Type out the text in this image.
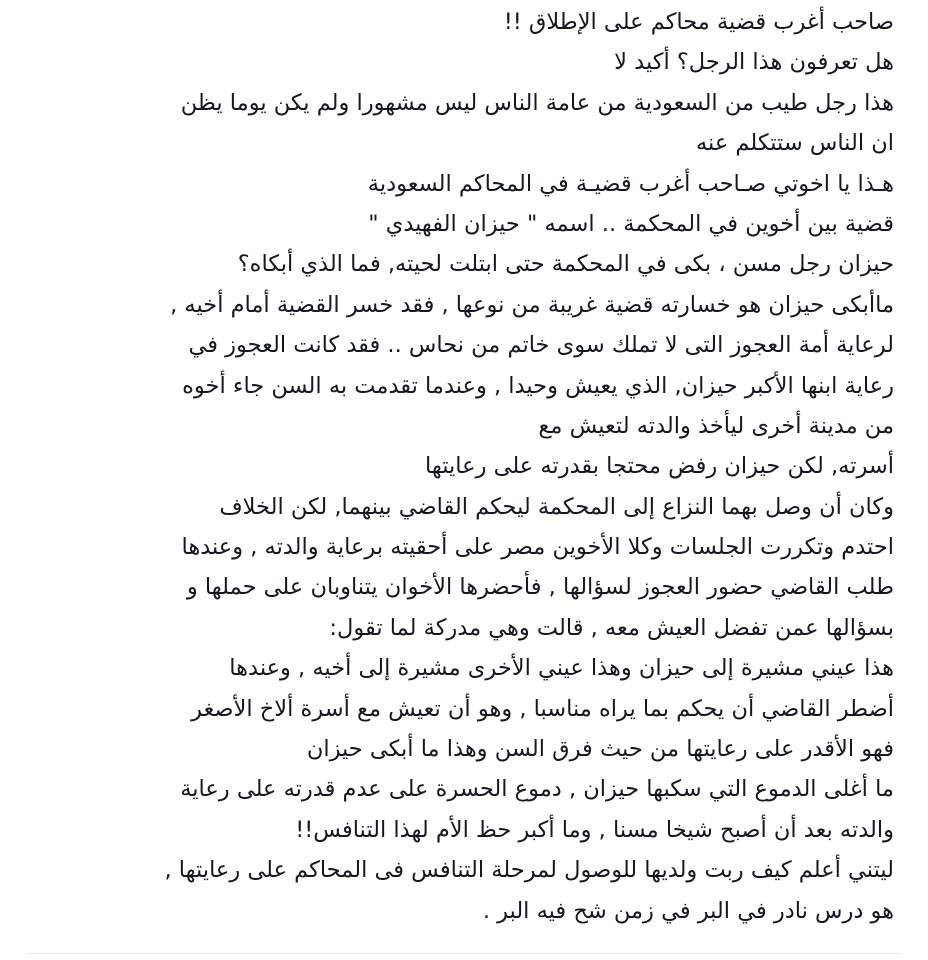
صاحب أغرب قضية محاكم على الإطلاق !!
هل تعرفون هذا الرجل؟ أكيد لا
هذا رجل طيب من السعودية من عامة الناس ليس مشهورا ولم يكن يوما يظن
ان الناس ستتكلم عنه
هـذا يا اخوتي صـاحب أغرب قضيـة في المحاكم السعودية
قضية بين أخوين في المحكمة .. اسمه " حيزان الفهيدي "
حيزان رجل مسن ، بكى في المحكمة حتى ابتلت لحيته, فما الذي أبكاه؟
ماأبكى حيزان هو خسارته قضية غريبة من نوعها , فقد خسر القضية أمام أخيه ,
لرعاية أمة العجوز التى لا تملك سوى خاتم من نحاس .. فقد كانت العجوز في
رعاية ابنها الأكبر حيزان, الذي يعيش وحيدا , وعندما تقدمت به السن جاء أخوه
من مدينة أخرى ليأخذ والدته لتعيش مع
أسرته, لكن حيزان رفض محتجا بقدرته على رعايتها
وكان أن وصل بهما النزاع إلى المحكمة ليحكم القاضي بينهما, لكن الخلاف
احتدم وتكررت الجلسات وكلا الأخوين مصر على أحقيته برعاية والدته , وعندها
طلب القاضي حضور العجوز لسؤالها , فأحضرها الأخوان يتناوبان على حملها و
بسؤالها عمن تفضل العيش معه , قالت وهي مدركة لما تقول:
هذا عيني مشيرة إلى حيزان وهذا عيني الأخرى مشيرة إلى أخيه , وعندها
أضطر القاضي أن يحكم بما يراه مناسبا , وهو أن تعيش مع أسرة ألاخ الأصغر
فهو الأقدر على رعايتها من حيث فرق السن وهذا ما أبكى حيزان
ما أغلى الدموع التي سكبها حيزان , دموع الحسرة على عدم قدرته على رعاية
والدته بعد أن أصبح شيخا مسنا , وما أكبر حظ الأم لهذا التنافس!!
ليتني أعلم كيف ربت ولديها للوصول لمرحلة التنافس فى المحاكم على رعايتها ,
هو درس نادر في البر في زمن شح فيه البر .
